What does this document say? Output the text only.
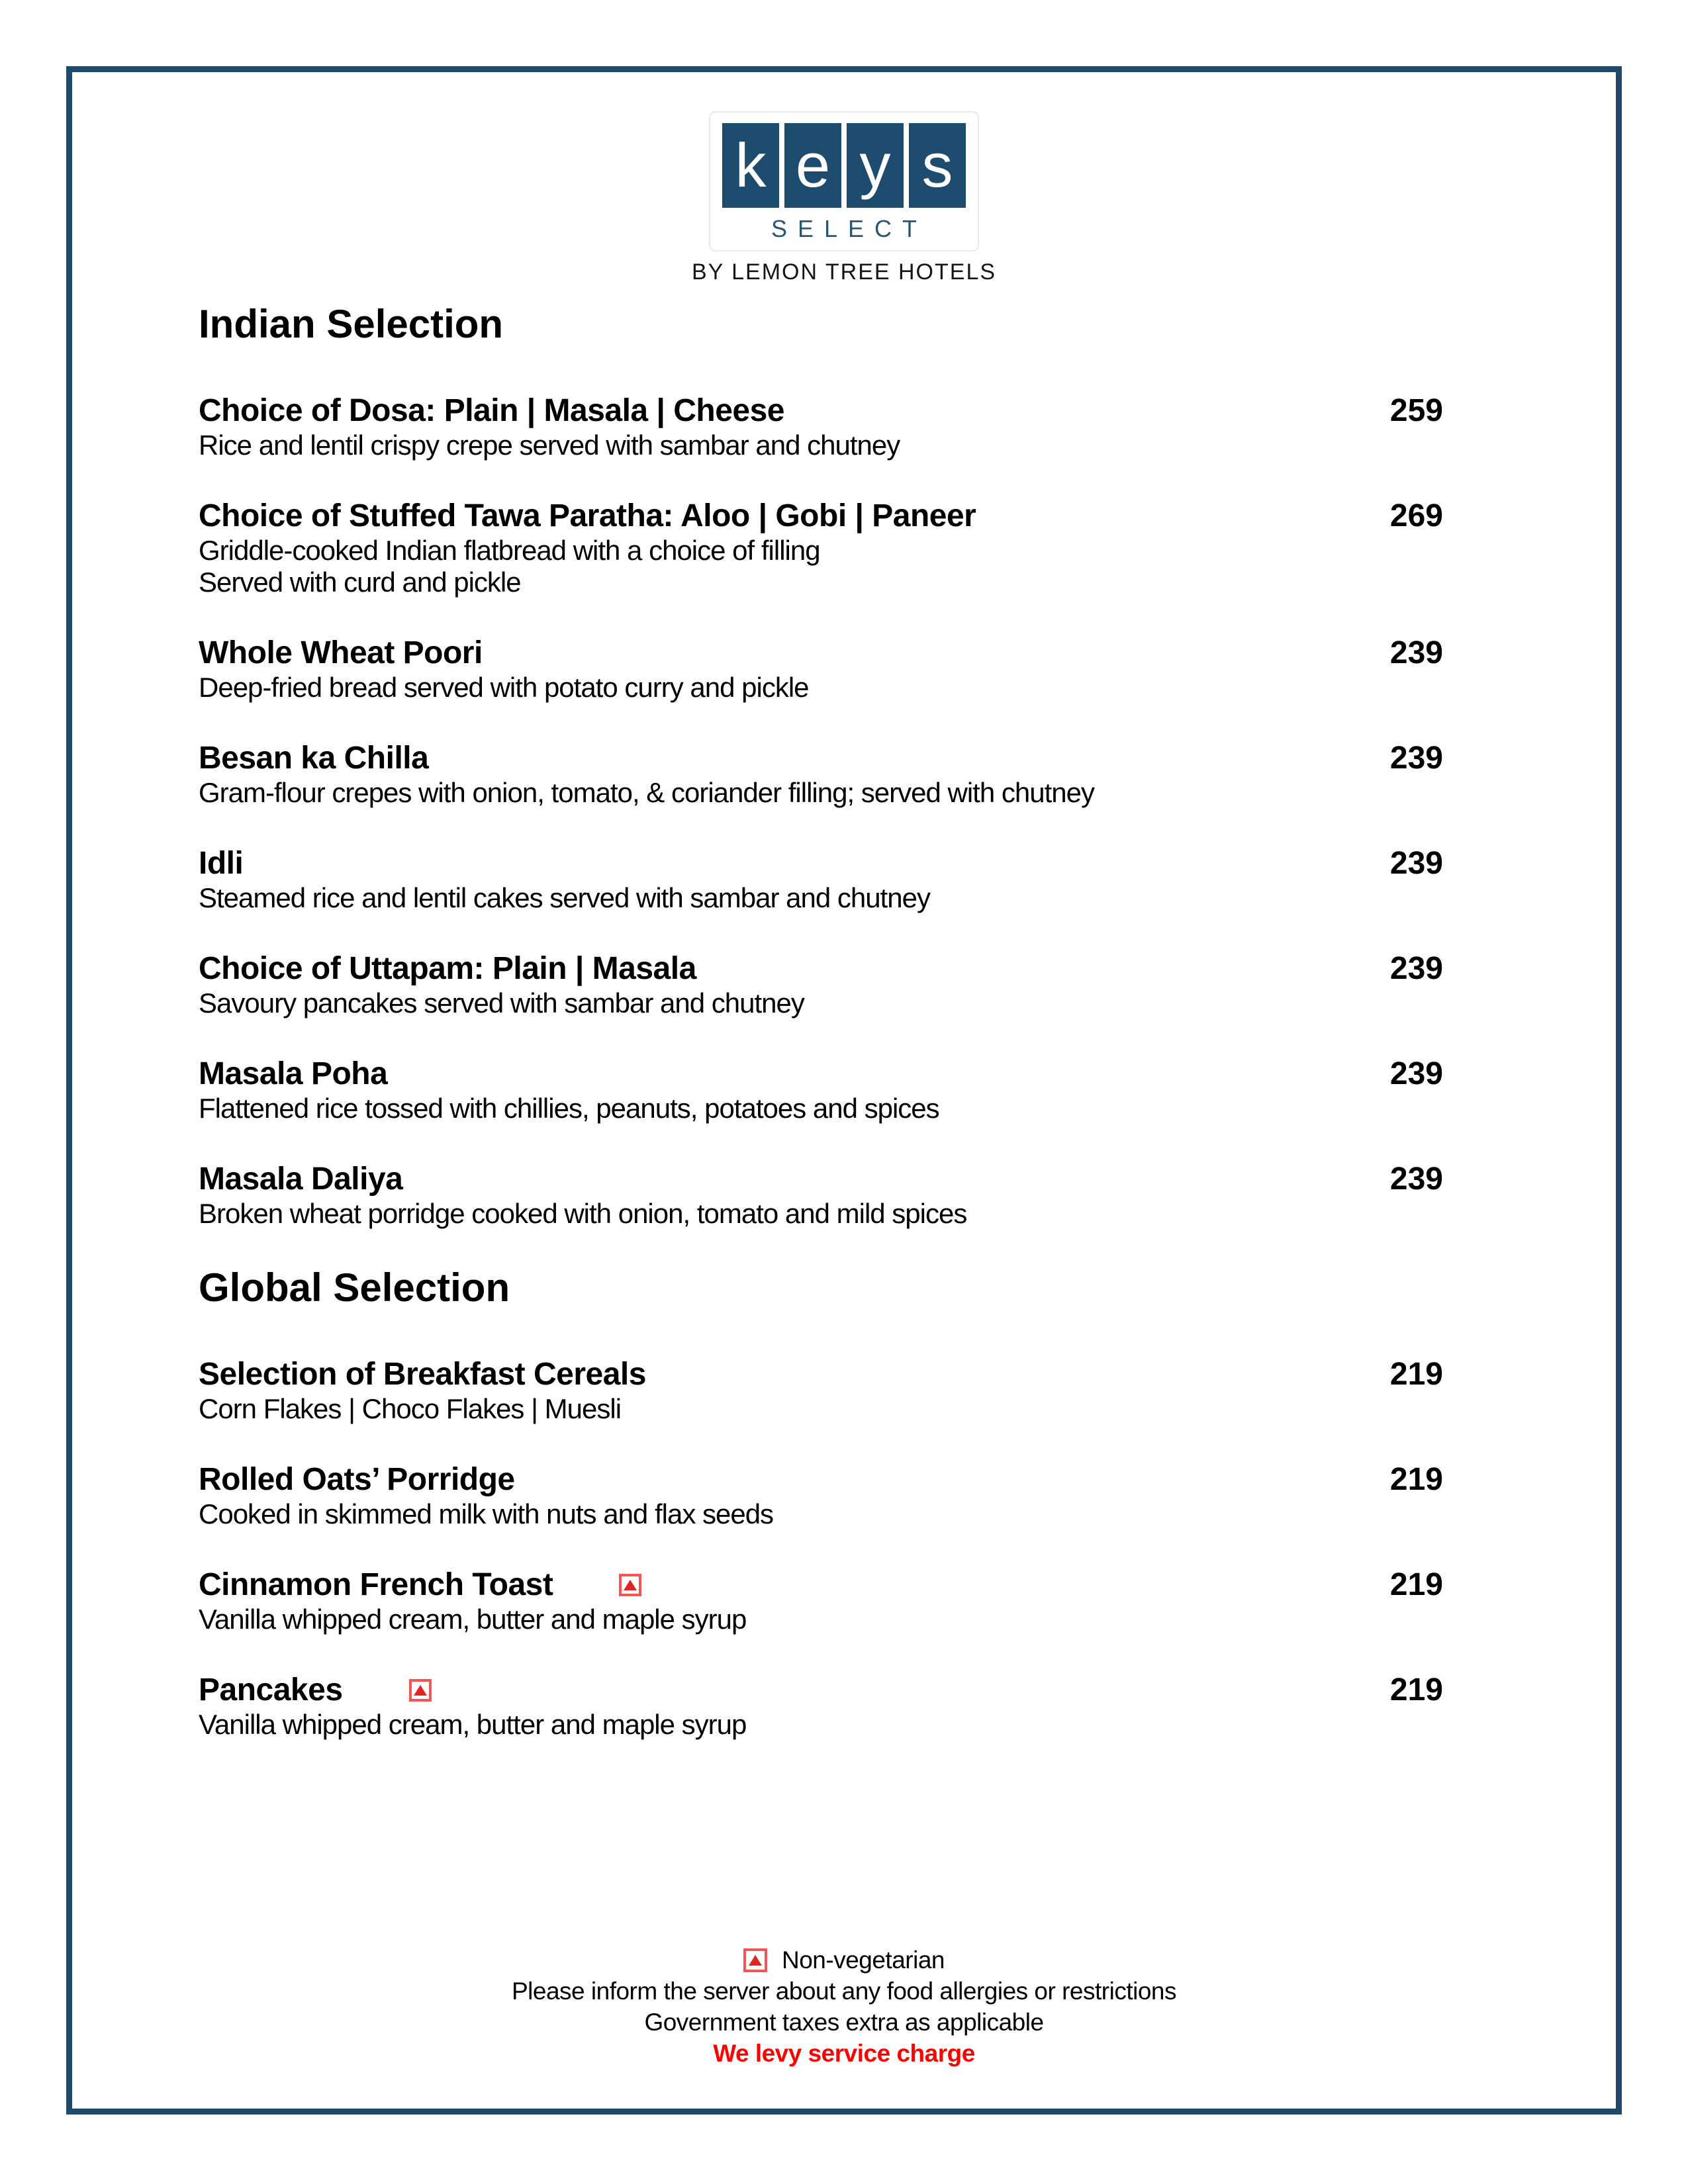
k e y s
SELECT
BY LEMON TREE HOTELS
Indian Selection
Choice of Dosa: Plain | Masala | Cheese	259
Rice and lentil crispy crepe served with sambar and chutney
Choice of Stuffed Tawa Paratha: Aloo | Gobi | Paneer	269
Griddle-cooked Indian flatbread with a choice of filling
Served with curd and pickle
Whole Wheat Poori	239
Deep-fried bread served with potato curry and pickle
Besan ka Chilla	239
Gram-flour crepes with onion, tomato, & coriander filling; served with chutney
Idli	239
Steamed rice and lentil cakes served with sambar and chutney
Choice of Uttapam: Plain | Masala	239
Savoury pancakes served with sambar and chutney
Masala Poha	239
Flattened rice tossed with chillies, peanuts, potatoes and spices
Masala Daliya	239
Broken wheat porridge cooked with onion, tomato and mild spices
Global Selection
Selection of Breakfast Cereals	219
Corn Flakes | Choco Flakes | Muesli
Rolled Oats’ Porridge	219
Cooked in skimmed milk with nuts and flax seeds
Cinnamon French Toast	219
Vanilla whipped cream, butter and maple syrup
Pancakes	219
Vanilla whipped cream, butter and maple syrup
Non-vegetarian
Please inform the server about any food allergies or restrictions
Government taxes extra as applicable
We levy service charge
